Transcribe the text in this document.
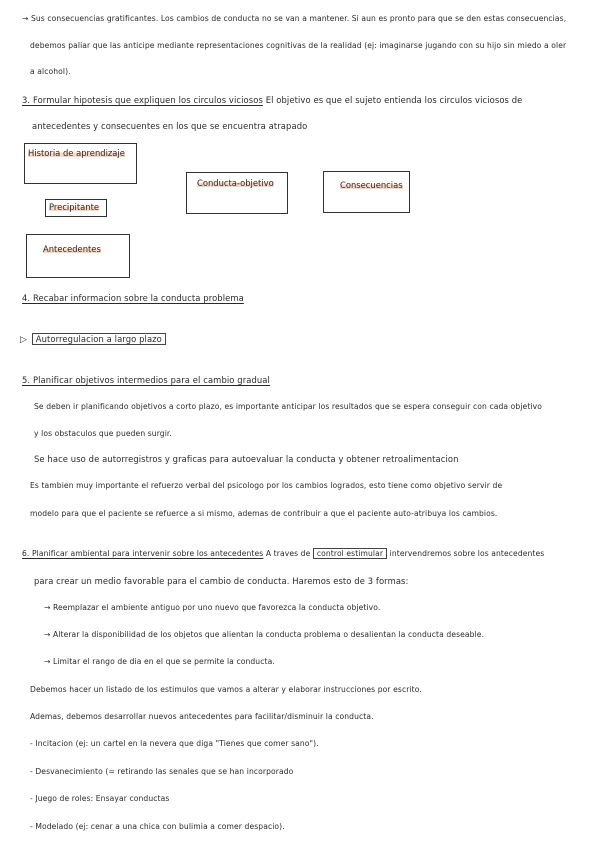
→ Sus consecuencias gratificantes. Los cambios de conducta no se van a mantener. Si aun es pronto para que se den estas consecuencias,
debemos paliar que las anticipe mediante representaciones cognitivas de la realidad (ej: imaginarse jugando con su hijo sin miedo a oler
a alcohol).
3. Formular hipotesis que expliquen los circulos viciosos El objetivo es que el sujeto entienda los circulos viciosos de
antecedentes y consecuentes en los que se encuentra atrapado
Historia de aprendizaje
Precipitante
Conducta-objetivo	Consecuencias
Antecedentes
4. Recabar informacion sobre la conducta problema
▷ Autorregulacion a largo plazo
5. Planificar objetivos intermedios para el cambio gradual
Se deben ir planificando objetivos a corto plazo, es importante anticipar los resultados que se espera conseguir con cada objetivo
y los obstaculos que pueden surgir.
Se hace uso de autorregistros y graficas para autoevaluar la conducta y obtener retroalimentacion
Es tambien muy importante el refuerzo verbal del psicologo por los cambios logrados, esto tiene como objetivo servir de
modelo para que el paciente se refuerce a si mismo, ademas de contribuir a que el paciente auto-atribuya los cambios.
6. Planificar ambiental para intervenir sobre los antecedentes A traves de control estimular intervendremos sobre los antecedentes
para crear un medio favorable para el cambio de conducta. Haremos esto de 3 formas:
→ Reemplazar el ambiente antiguo por uno nuevo que favorezca la conducta objetivo.
→ Alterar la disponibilidad de los objetos que alientan la conducta problema o desalientan la conducta deseable.
→ Limitar el rango de dia en el que se permite la conducta.
Debemos hacer un listado de los estimulos que vamos a alterar y elaborar instrucciones por escrito.
Ademas, debemos desarrollar nuevos antecedentes para facilitar/disminuir la conducta.
- Incitacion (ej: un cartel en la nevera que diga "Tienes que comer sano").
- Desvanecimiento (= retirando las senales que se han incorporado
- Juego de roles: Ensayar conductas
- Modelado (ej: cenar a una chica con bulimia a comer despacio).
